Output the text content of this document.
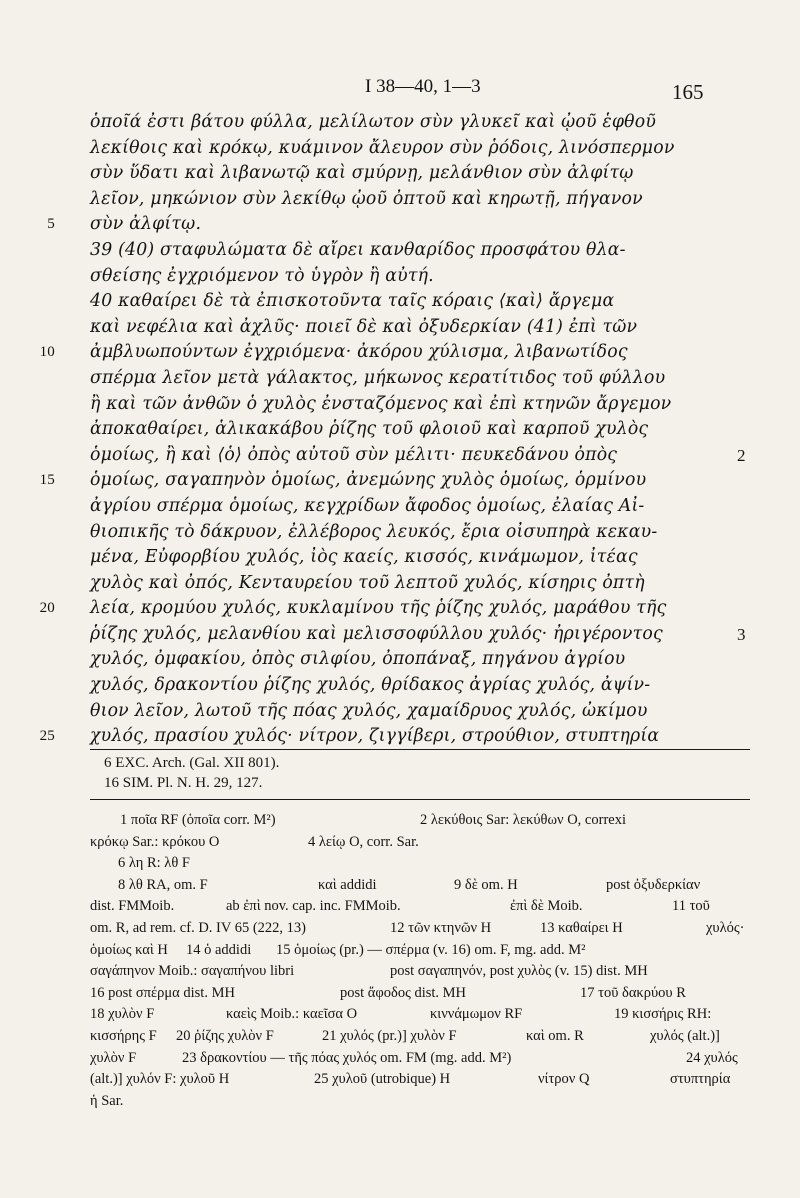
I 38—40, 1—3	165
ὁποῖά ἐστι βάτου φύλλα, μελίλωτον σὺν γλυκεῖ καὶ ᾠοῦ ἑφθοῦ
λεκίθοις καὶ κρόκῳ, κυάμινον ἄλευρον σὺν ῥόδοις, λινόσπερμον
σὺν ὕδατι καὶ λιβανωτῷ καὶ σμύρνῃ, μελάνθιον σὺν ἀλφίτῳ
λεῖον, μηκώνιον σὺν λεκίθῳ ᾠοῦ ὀπτοῦ καὶ κηρωτῇ, πήγανον
5 σὺν ἀλφίτῳ.
39 (40) σταφυλώματα δὲ αἴρει κανθαρίδος προσφάτου θλα-
σθείσης ἐγχριόμενον τὸ ὑγρὸν ἢ αὐτή.
40 καθαίρει δὲ τὰ ἐπισκοτοῦντα ταῖς κόραις ⟨καὶ⟩ ἄργεμα
καὶ νεφέλια καὶ ἀχλῦς· ποιεῖ δὲ καὶ ὀξυδερκίαν (41) ἐπὶ τῶν
10 ἀμβλυωπούντων ἐγχριόμενα· ἀκόρου χύλισμα, λιβανωτίδος
σπέρμα λεῖον μετὰ γάλακτος, μήκωνος κερατίτιδος τοῦ φύλλου
ἢ καὶ τῶν ἀνθῶν ὁ χυλὸς ἐνσταζόμενος καὶ ἐπὶ κτηνῶν ἄργεμον
ἀποκαθαίρει, ἁλικακάβου ῥίζης τοῦ φλοιοῦ καὶ καρποῦ χυλὸς
ὁμοίως, ἢ καὶ ⟨ὁ⟩ ὀπὸς αὐτοῦ σὺν μέλιτι· πευκεδάνου ὀπὸς	2
15 ὁμοίως, σαγαπηνὸν ὁμοίως, ἀνεμώνης χυλὸς ὁμοίως, ὁρμίνου
ἀγρίου σπέρμα ὁμοίως, κεγχρίδων ἄφοδος ὁμοίως, ἐλαίας Αἰ-
θιοπικῆς τὸ δάκρυον, ἐλλέβορος λευκός, ἔρια οἰσυπηρὰ κεκαυ-
μένα, Εὐφορβίου χυλός, ἰὸς καείς, κισσός, κινάμωμον, ἰτέας
χυλὸς καὶ ὀπός, Κενταυρείου τοῦ λεπτοῦ χυλός, κίσηρις ὀπτὴ
20 λεία, κρομύου χυλός, κυκλαμίνου τῆς ῥίζης χυλός, μαράθου τῆς
ῥίζης χυλός, μελανθίου καὶ μελισσοφύλλου χυλός· ἠριγέροντος	3
χυλός, ὀμφακίου, ὀπὸς σιλφίου, ὀποπάναξ, πηγάνου ἀγρίου
χυλός, δρακοντίου ῥίζης χυλός, θρίδακος ἀγρίας χυλός, ἀψίν-
θιον λεῖον, λωτοῦ τῆς πόας χυλός, χαμαίδρυος χυλός, ὠκίμου
25 χυλός, πρασίου χυλός· νίτρον, ζιγγίβερι, στρούθιον, στυπτηρία
6 EXC. Arch. (Gal. XII 801).
16 SIM. Pl. N. H. 29, 127.
1 ποῖα RF (ὁποῖα corr. M²)	2 λεκύθοις Sar: λεκύθων O, correxi
κρόκῳ Sar.: κρόκου O	4 λείῳ O, corr. Sar.
6 λη R: λθ F
8 λθ RA, om. F	καὶ addidi	9 δὲ om. H	post ὀξυδερκίαν
dist. FMMoib.	ab ἐπὶ nov. cap. inc. FMMoib.	ἐπὶ δὲ Moib.	11 τοῦ
om. R, ad rem. cf. D. IV 65 (222, 13)	12 τῶν κτηνῶν H	13 καθαίρει H	χυλός·
ὁμοίως καὶ H 14 ὁ addidi 15 ὁμοίως (pr.) — σπέρμα (v. 16) om. F, mg. add. M²
σαγάπηνον Moib.: σαγαπήνου libri	post σαγαπηνόν, post χυλὸς (v. 15) dist. MH
16 post σπέρμα dist. MH	post ἄφοδος dist. MH	17 τοῦ δακρύου R
18 χυλὸν F	καεὶς Moib.: καεῖσα O	κιννάμωμον RF	19 κισσήρις RH:
κισσήρης F 20 ῥίζης χυλὸν F	21 χυλός (pr.)] χυλὸν F	καὶ om. R	χυλός (alt.)]
χυλὸν F	23 δρακοντίου — τῆς πόας χυλός om. FM (mg. add. M²)	24 χυλός
(alt.)] χυλόν F: χυλοῦ H	25 χυλοῦ (utrobique) H	νίτρον Q	στυπτηρία
ἡ Sar.
